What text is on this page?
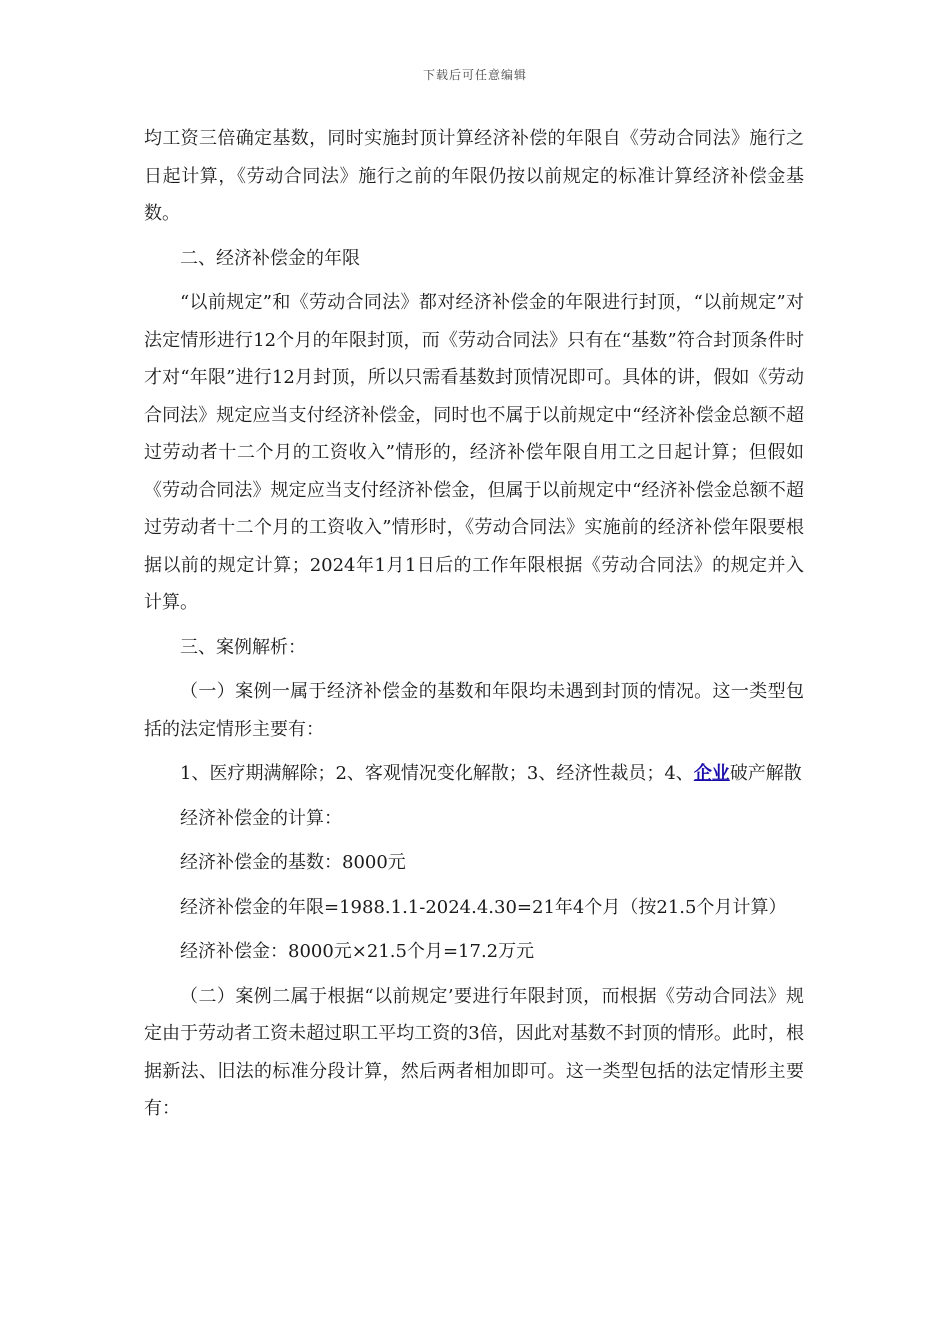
下载后可任意编辑

均工资三倍确定基数，同时实施封顶计算经济补偿的年限自《劳动合同法》施行之日起计算，《劳动合同法》施行之前的年限仍按以前规定的标准计算经济补偿金基数。

二、经济补偿金的年限

“以前规定”和《劳动合同法》都对经济补偿金的年限进行封顶，“以前规定”对法定情形进行12个月的年限封顶，而《劳动合同法》只有在“基数”符合封顶条件时才对“年限”进行12月封顶，所以只需看基数封顶情况即可。具体的讲，假如《劳动合同法》规定应当支付经济补偿金，同时也不属于以前规定中“经济补偿金总额不超过劳动者十二个月的工资收入”情形的，经济补偿年限自用工之日起计算；但假如《劳动合同法》规定应当支付经济补偿金，但属于以前规定中“经济补偿金总额不超过劳动者十二个月的工资收入”情形时，《劳动合同法》实施前的经济补偿年限要根据以前的规定计算；2024年1月1日后的工作年限根据《劳动合同法》的规定并入计算。

三、案例解析：

（一）案例一属于经济补偿金的基数和年限均未遇到封顶的情况。这一类型包括的法定情形主要有：

1、医疗期满解除；2、客观情况变化解散；3、经济性裁员；4、企业破产解散

经济补偿金的计算：

经济补偿金的基数：8000元

经济补偿金的年限=1988.1.1-2024.4.30=21年4个月（按21.5个月计算）

经济补偿金：8000元×21.5个月=17.2万元

（二）案例二属于根据“以前规定’要进行年限封顶，而根据《劳动合同法》规定由于劳动者工资未超过职工平均工资的3倍，因此对基数不封顶的情形。此时，根据新法、旧法的标准分段计算，然后两者相加即可。这一类型包括的法定情形主要有：
